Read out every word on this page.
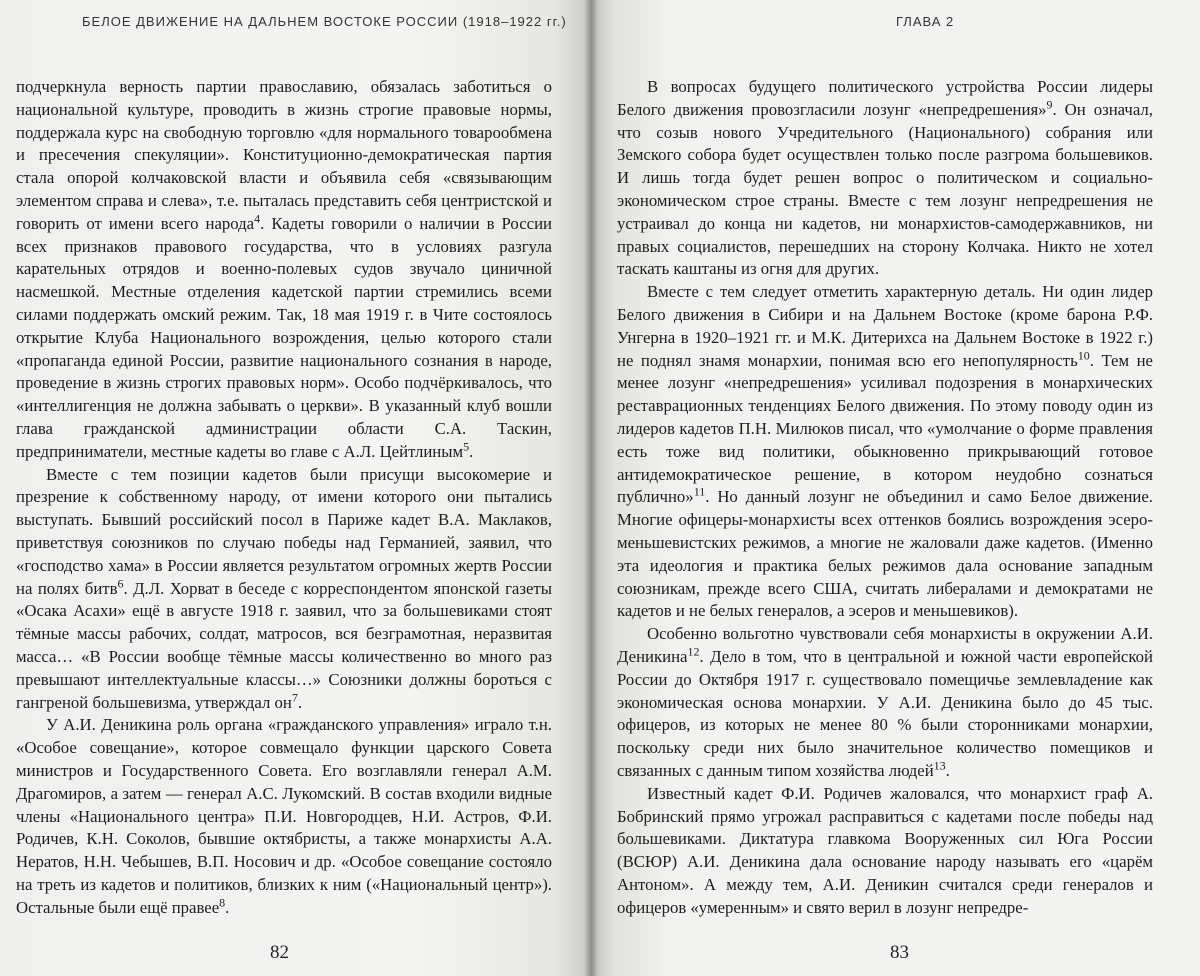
БЕЛОЕ ДВИЖЕНИЕ НА ДАЛЬНЕМ ВОСТОКЕ РОССИИ (1918–1922 гг.)

подчеркнула верность партии православию, обязалась заботиться о национальной культуре, проводить в жизнь строгие правовые нормы, поддержала курс на свободную торговлю «для нормального товарообмена и пресечения спекуляции». Конституционно-демократическая партия стала опорой колчаковской власти и объявила себя «связывающим элементом справа и слева», т.е. пыталась представить себя центристской и говорить от имени всего народа$^4$. Кадеты говорили о наличии в России всех признаков правового государства, что в условиях разгула карательных отрядов и военно-полевых судов звучало циничной насмешкой. Местные отделения кадетской партии стремились всеми силами поддержать омский режим. Так, 18 мая 1919 г. в Чите состоялось открытие Клуба Национального возрождения, целью которого стали «пропаганда единой России, развитие национального сознания в народе, проведение в жизнь строгих правовых норм». Особо подчёркивалось, что «интеллигенция не должна забывать о церкви». В указанный клуб вошли глава гражданской администрации области С.А. Таскин, предприниматели, местные кадеты во главе с А.Л. Цейтлиным$^5$.

Вместе с тем позиции кадетов были присущи высокомерие и презрение к собственному народу, от имени которого они пытались выступать. Бывший российский посол в Париже кадет В.А. Маклаков, приветствуя союзников по случаю победы над Германией, заявил, что «господство хама» в России является результатом огромных жертв России на полях битв$^6$. Д.Л. Хорват в беседе с корреспондентом японской газеты «Осака Асахи» ещё в августе 1918 г. заявил, что за большевиками стоят тёмные массы рабочих, солдат, матросов, вся безграмотная, неразвитая масса… «В России вообще тёмные массы количественно во много раз превышают интеллектуальные классы…» Союзники должны бороться с гангреной большевизма, утверждал $он^7$.

У А.И. Деникина роль органа «гражданского управления» играло т.н. «Особое совещание», которое совмещало функции царского Совета министров и Государственного Совета. Его возглавляли генерал А.М. Драгомиров, а затем — генерал А.С. Лукомский. В состав входили видные члены «Национального центра» П.И. Новгородцев, Н.И. Астров, Ф.И. Родичев, К.Н. Соколов, бывшие октябристы, а также монархисты А.А. Нератов, Н.Н. Чебышев, В.П. Носович и др. «Особое совещание состояло на треть из кадетов и политиков, близких к ним («Национальный центр»). Остальные были ещё правее$^8$.

82
ГЛАВА 2

В вопросах будущего политического устройства России лидеры Белого движения провозгласили лозунг «непредрешения»$^9$. Он означал, что созыв нового Учредительного (Национального) собрания или Земского собора будет осуществлен только после разгрома большевиков. И лишь тогда будет решен вопрос о политическом и социально-экономическом строе страны. Вместе с тем лозунг непредрешения не устраивал до конца ни кадетов, ни монархистов-самодержавников, ни правых социалистов, перешедших на сторону Колчака. Никто не хотел таскать каштаны из огня для других.

Вместе с тем следует отметить характерную деталь. Ни один лидер Белого движения в Сибири и на Дальнем Востоке (кроме барона Р.Ф. Унгерна в 1920–1921 гг. и М.К. Дитерихса на Дальнем Востоке в 1922 г.) не поднял знамя монархии, понимая всю его непопулярность$^{10}$. Тем не менее лозунг «непредрешения» усиливал подозрения в монархических реставрационных тенденциях Белого движения. По этому поводу один из лидеров кадетов П.Н. Милюков писал, что «умолчание о форме правления есть тоже вид политики, обыкновенно прикрывающий готовое антидемократическое решение, в котором неудобно сознаться публично»$^{11}$. Но данный лозунг не объединил и само Белое движение. Многие офицеры-монархисты всех оттенков боялись возрождения эсеро-меньшевистских режимов, а многие не жаловали даже кадетов. (Именно эта идеология и практика белых режимов дала основание западным союзникам, прежде всего США, считать либералами и демократами не кадетов и не белых генералов, а эсеров и меньшевиков).

Особенно вольготно чувствовали себя монархисты в окружении А.И. Деникина$^{12}$. Дело в том, что в центральной и южной части европейской России до Октября 1917 г. существовало помещичье землевладение как экономическая основа монархии. У А.И. Деникина было до 45 тыс. офицеров, из которых не менее 80 % были сторонниками монархии, поскольку среди них было значительное количество помещиков и связанных с данным типом хозяйства людей$^{13}$.

Известный кадет Ф.И. Родичев жаловался, что монархист граф А. Бобринский прямо угрожал расправиться с кадетами после победы над большевиками. Диктатура главкома Вооруженных сил Юга России (ВСЮР) А.И. Деникина дала основание народу называть его «царём Антоном». А между тем, А.И. Деникин считался среди генералов и офицеров «умеренным» и свято верил в лозунг непредре-

83
